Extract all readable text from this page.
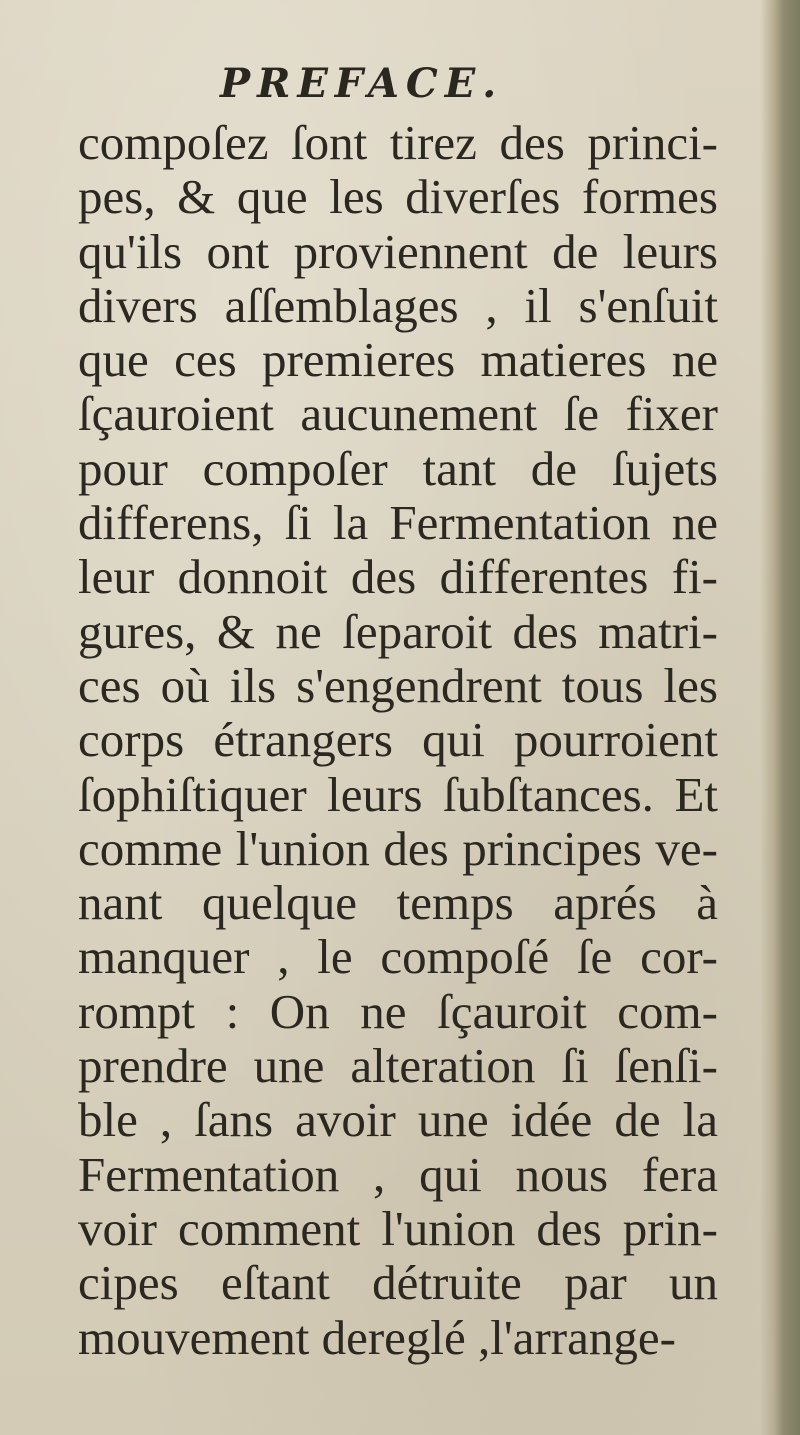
PREFACE.
compoſez ſont tirez des princi-
pes, & que les diverſes formes
qu'ils ont proviennent de leurs
divers aſſemblages , il s'enſuit
que ces premieres matieres ne
ſçauroient aucunement ſe fixer
pour compoſer tant de ſujets
differens, ſi la Fermentation ne
leur donnoit des differentes fi-
gures, & ne ſeparoit des matri-
ces où ils s'engendrent tous les
corps étrangers qui pourroient
ſophiſtiquer leurs ſubſtances. Et
comme l'union des principes ve-
nant quelque temps aprés à
manquer , le compoſé ſe cor-
rompt : On ne ſçauroit com-
prendre une alteration ſi ſenſi-
ble , ſans avoir une idée de la
Fermentation , qui nous fera
voir comment l'union des prin-
cipes eſtant détruite par un
mouvement dereglé ,l'arrange-
